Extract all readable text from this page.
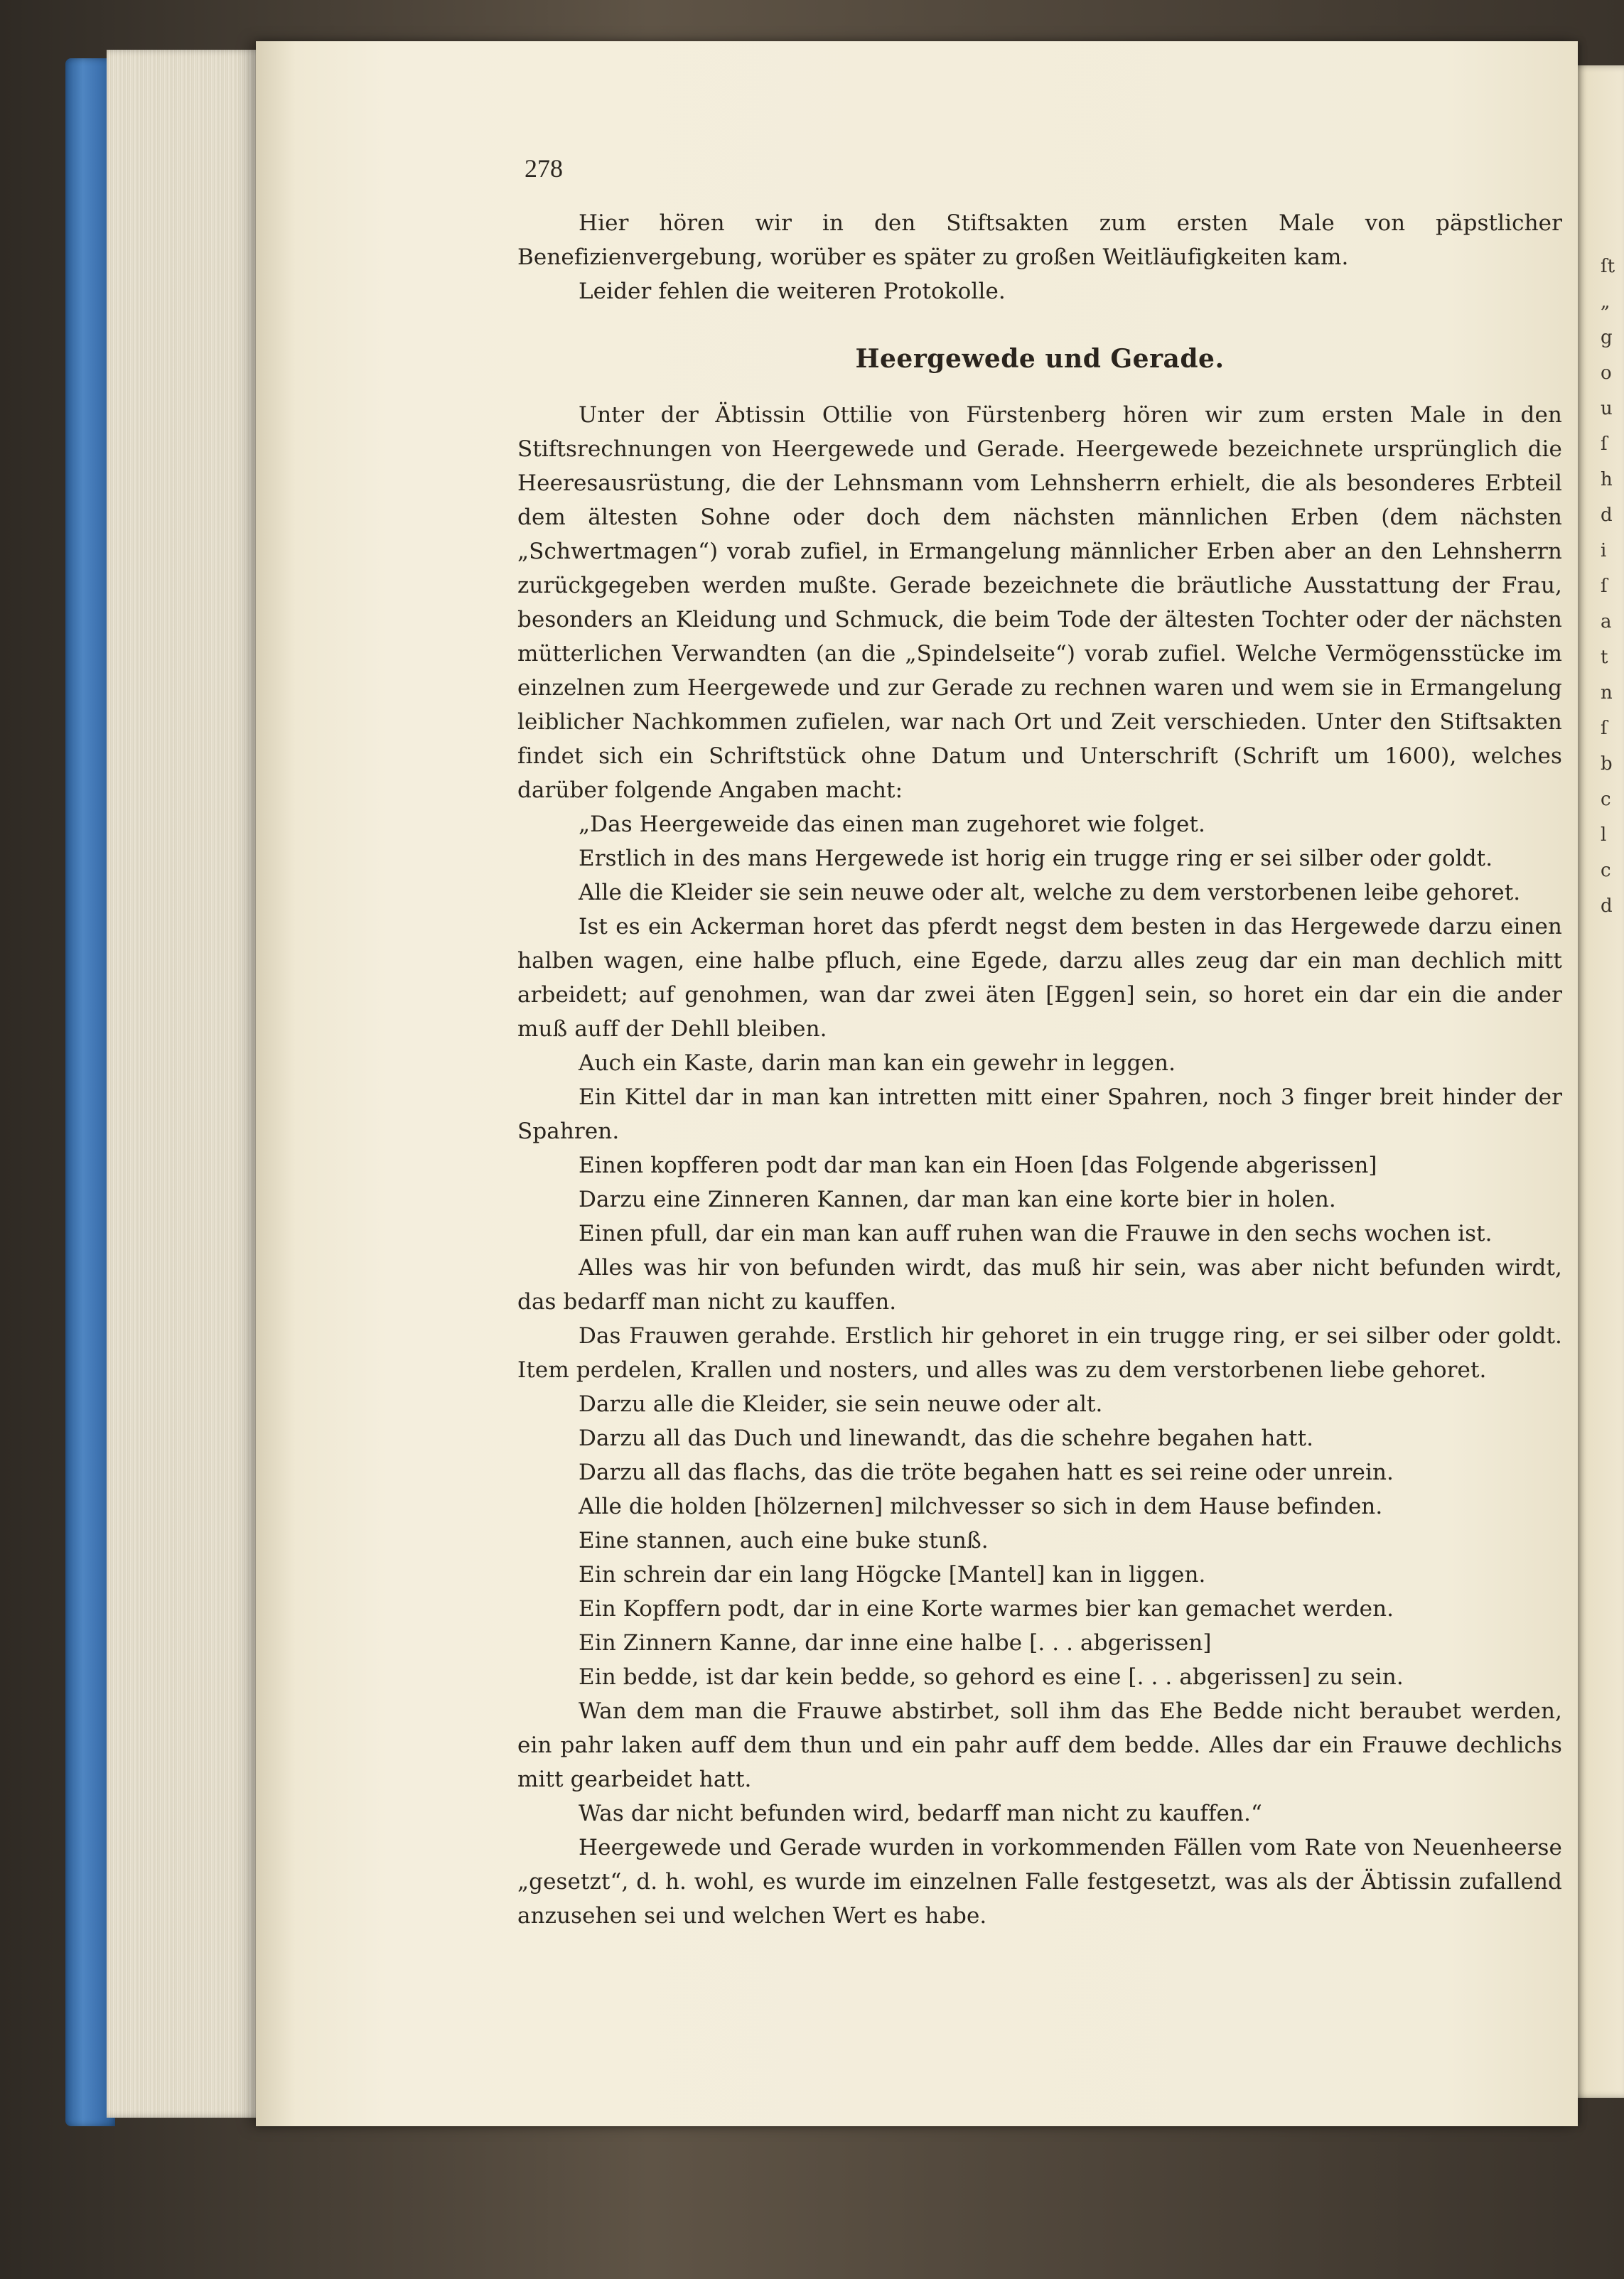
278

Hier hören wir in den Stiftsakten zum ersten Male von päpstlicher Benefizienvergebung, worüber es später zu großen Weitläufigkeiten kam.

Leider fehlen die weiteren Protokolle.

Heergewede und Gerade.

Unter der Äbtissin Ottilie von Fürstenberg hören wir zum ersten Male in den Stiftsrechnungen von Heergewede und Gerade. Heergewede bezeichnete ursprünglich die Heeresausrüstung, die der Lehnsmann vom Lehnsherrn erhielt, die als besonderes Erbteil dem ältesten Sohne oder doch dem nächsten männlichen Erben (dem nächsten „Schwertmagen“) vorab zufiel, in Ermangelung männlicher Erben aber an den Lehnsherrn zurückgegeben werden mußte. Gerade bezeichnete die bräutliche Ausstattung der Frau, besonders an Kleidung und Schmuck, die beim Tode der ältesten Tochter oder der nächsten mütterlichen Verwandten (an die „Spindelseite“) vorab zufiel. Welche Vermögensstücke im einzelnen zum Heergewede und zur Gerade zu rechnen waren und wem sie in Ermangelung leiblicher Nachkommen zufielen, war nach Ort und Zeit verschieden. Unter den Stiftsakten findet sich ein Schriftstück ohne Datum und Unterschrift (Schrift um 1600), welches darüber folgende Angaben macht:

„Das Heergeweide das einen man zugehoret wie folget.

Erstlich in des mans Hergewede ist horig ein trugge ring er sei silber oder goldt.

Alle die Kleider sie sein neuwe oder alt, welche zu dem verstorbenen leibe gehoret.

Ist es ein Ackerman horet das pferdt negst dem besten in das Hergewede darzu einen halben wagen, eine halbe pfluch, eine Egede, darzu alles zeug dar ein man dechlich mitt arbeidett; auf genohmen, wan dar zwei äten [Eggen] sein, so horet ein dar ein die ander muß auff der Dehll bleiben.

Auch ein Kaste, darin man kan ein gewehr in leggen.

Ein Kittel dar in man kan intretten mitt einer Spahren, noch 3 finger breit hinder der Spahren.

Einen kopfferen podt dar man kan ein Hoen [das Folgende abgerissen]

Darzu eine Zinneren Kannen, dar man kan eine korte bier in holen.

Einen pfull, dar ein man kan auff ruhen wan die Frauwe in den sechs wochen ist.

Alles was hir von befunden wirdt, das muß hir sein, was aber nicht befunden wirdt, das bedarff man nicht zu kauffen.

Das Frauwen gerahde. Erstlich hir gehoret in ein trugge ring, er sei silber oder goldt. Item perdelen, Krallen und nosters, und alles was zu dem verstorbenen liebe gehoret.

Darzu alle die Kleider, sie sein neuwe oder alt.

Darzu all das Duch und linewandt, das die schehre begahen hatt.

Darzu all das flachs, das die tröte begahen hatt es sei reine oder unrein.

Alle die holden [hölzernen] milchvesser so sich in dem Hause befinden.

Eine stannen, auch eine buke stunß.

Ein schrein dar ein lang Högcke [Mantel] kan in liggen.

Ein Kopffern podt, dar in eine Korte warmes bier kan gemachet werden.

Ein Zinnern Kanne, dar inne eine halbe [. . . abgerissen]

Ein bedde, ist dar kein bedde, so gehord es eine [. . . abgerissen] zu sein.

Wan dem man die Frauwe abstirbet, soll ihm das Ehe Bedde nicht beraubet werden, ein pahr laken auff dem thun und ein pahr auff dem bedde. Alles dar ein Frauwe dechlichs mitt gearbeidet hatt.

Was dar nicht befunden wird, bedarff man nicht zu kauffen.“

Heergewede und Gerade wurden in vorkommenden Fällen vom Rate von Neuenheerse „gesetzt“, d. h. wohl, es wurde im einzelnen Falle festgesetzt, was als der Äbtissin zufallend anzusehen sei und welchen Wert es habe.

ſt
„
g
o
u
ſ
h
d
i
ſ
a
t
n
ſ
b
c
l
c
d
